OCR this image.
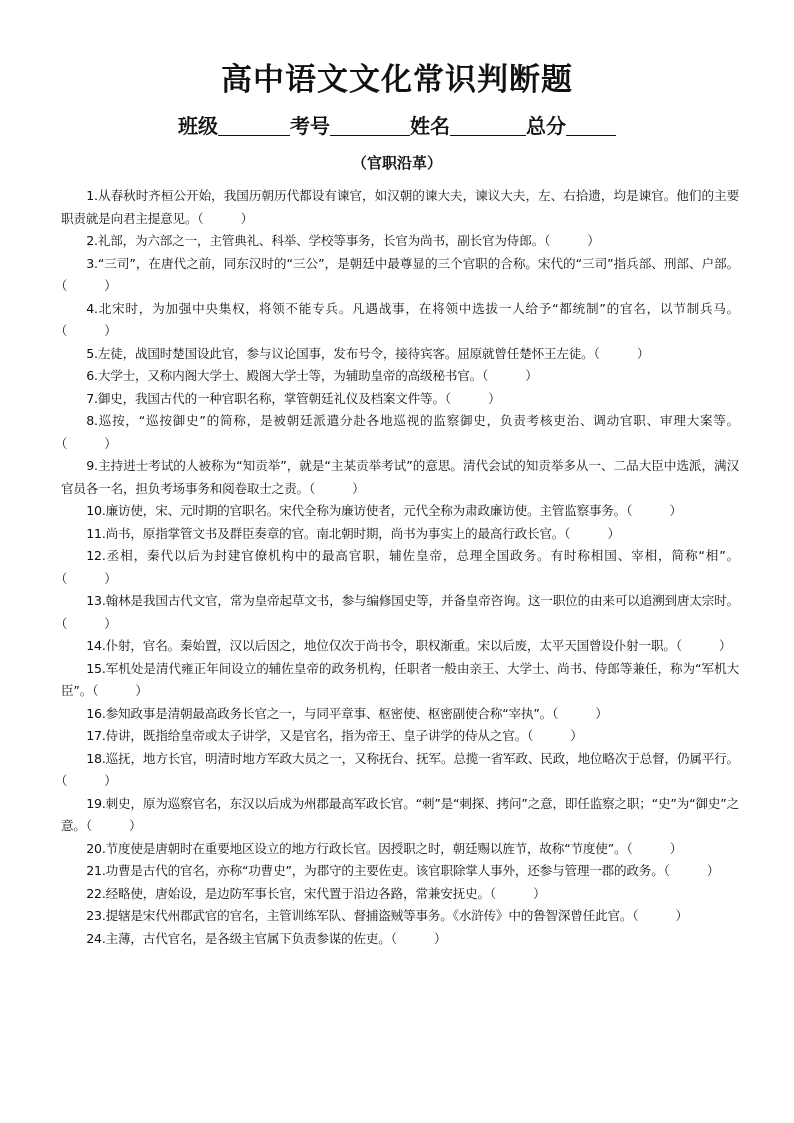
高中语文文化常识判断题
班级	考号	姓名	总分
（官职沿革）

1.从春秋时齐桓公开始，我国历朝历代都设有谏官，如汉朝的谏大夫，谏议大夫，左、右拾遗，均是谏官。他们的主要职责就是向君主提意见。（　　　）

2.礼部，为六部之一，主管典礼、科举、学校等事务，长官为尚书，副长官为侍郎。（　　　）

3.“三司”，在唐代之前，同东汉时的“三公”，是朝廷中最尊显的三个官职的合称。宋代的“三司”指兵部、刑部、户部。（　　　）

4.北宋时，为加强中央集权，将领不能专兵。凡遇战事，在将领中选拔一人给予“都统制”的官名，以节制兵马。（　　　）

5.左徒，战国时楚国设此官，参与议论国事，发布号令，接待宾客。屈原就曾任楚怀王左徒。（　　　）

6.大学士，又称内阁大学士、殿阁大学士等，为辅助皇帝的高级秘书官。（　　　）

7.御史，我国古代的一种官职名称，掌管朝廷礼仪及档案文件等。（　　　）

8.巡按，“巡按御史”的简称，是被朝廷派遣分赴各地巡视的监察御史，负责考核吏治、调动官职、审理大案等。（　　　）

9.主持进士考试的人被称为“知贡举”，就是“主某贡举考试”的意思。清代会试的知贡举多从一、二品大臣中选派，满汉官员各一名，担负考场事务和阅卷取士之责。（　　　）

10.廉访使，宋、元时期的官职名。宋代全称为廉访使者，元代全称为肃政廉访使。主管监察事务。（　　　）

11.尚书，原指掌管文书及群臣奏章的官。南北朝时期，尚书为事实上的最高行政长官。（　　　）

12.丞相，秦代以后为封建官僚机构中的最高官职，辅佐皇帝，总理全国政务。有时称相国、宰相，简称“相”。（　　　）

13.翰林是我国古代文官，常为皇帝起草文书，参与编修国史等，并备皇帝咨询。这一职位的由来可以追溯到唐太宗时。（　　　）

14.仆射，官名。秦始置，汉以后因之，地位仅次于尚书令，职权渐重。宋以后废，太平天国曾设仆射一职。（　　　）

15.军机处是清代雍正年间设立的辅佐皇帝的政务机构，任职者一般由亲王、大学士、尚书、侍郎等兼任，称为“军机大臣”。（　　　）

16.参知政事是清朝最高政务长官之一，与同平章事、枢密使、枢密副使合称“宰执”。（　　　）

17.侍讲，既指给皇帝或太子讲学，又是官名，指为帝王、皇子讲学的侍从之官。（　　　）

18.巡抚，地方长官，明清时地方军政大员之一，又称抚台、抚军。总揽一省军政、民政，地位略次于总督，仍属平行。（　　　）

19.刺史，原为巡察官名，东汉以后成为州郡最高军政长官。“刺”是“刺探、拷问”之意，即任监察之职；“史”为“御史”之意。（　　　）

20.节度使是唐朝时在重要地区设立的地方行政长官。因授职之时，朝廷赐以旌节，故称“节度使”。（　　　）

21.功曹是古代的官名，亦称“功曹史”，为郡守的主要佐吏。该官职除掌人事外，还参与管理一郡的政务。（　　　）

22.经略使，唐始设，是边防军事长官，宋代置于沿边各路，常兼安抚史。（　　　）

23.提辖是宋代州郡武官的官名，主管训练军队、督捕盗贼等事务。《水浒传》中的鲁智深曾任此官。（　　　）

24.主薄，古代官名，是各级主官属下负责参谋的佐吏。（　　　）
